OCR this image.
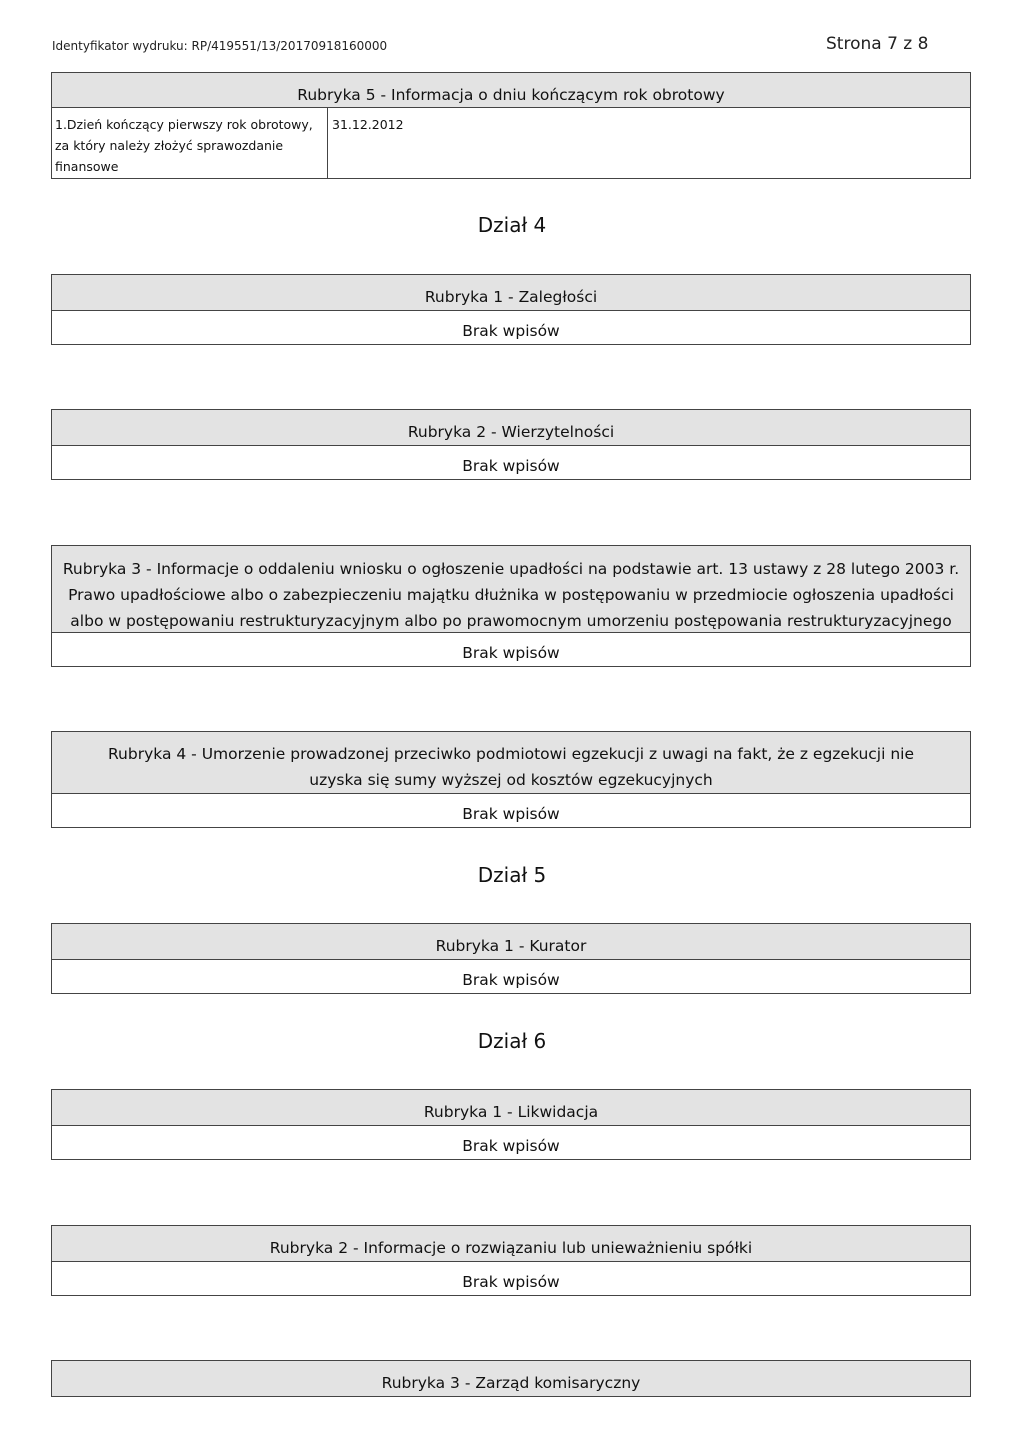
Identyfikator wydruku: RP/419551/13/20170918160000	Strona 7 z 8
Rubryka 5 - Informacja o dniu kończącym rok obrotowy
1.Dzień kończący pierwszy rok obrotowy, za który należy złożyć sprawozdanie finansowe
31.12.2012
Dział 4
Rubryka 1 - Zaległości
Brak wpisów
Rubryka 2 - Wierzytelności
Brak wpisów
Rubryka 3 - Informacje o oddaleniu wniosku o ogłoszenie upadłości na podstawie art. 13 ustawy z 28 lutego 2003 r. Prawo upadłościowe albo o zabezpieczeniu majątku dłużnika w postępowaniu w przedmiocie ogłoszenia upadłości albo w postępowaniu restrukturyzacyjnym albo po prawomocnym umorzeniu postępowania restrukturyzacyjnego
Brak wpisów
Rubryka 4 - Umorzenie prowadzonej przeciwko podmiotowi egzekucji z uwagi na fakt, że z egzekucji nie uzyska się sumy wyższej od kosztów egzekucyjnych
Brak wpisów
Dział 5
Rubryka 1 - Kurator
Brak wpisów
Dział 6
Rubryka 1 - Likwidacja
Brak wpisów
Rubryka 2 - Informacje o rozwiązaniu lub unieważnieniu spółki
Brak wpisów
Rubryka 3 - Zarząd komisaryczny
